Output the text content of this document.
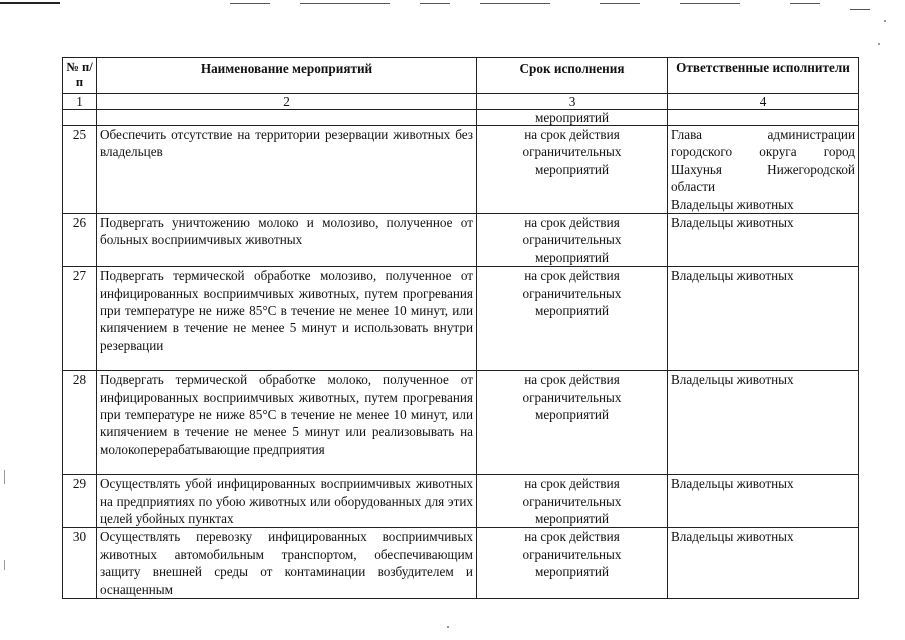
№ п/п	Наименование мероприятий	Срок исполнения	Ответственные исполнители
1	2	3	4
		мероприятий	
25	Обеспечить отсутствие на территории резервации животных без владельцев	на срок действия ограничительных мероприятий	Глава администрации
городского округа город
Шахунья Нижегородской
области
Владельцы животных

26	Подвергать уничтожению молоко и молозиво, полученное от больных восприимчивых животных	на срок действия ограничительных мероприятий	Владельцы животных

27	Подвергать термической обработке молозиво, полученное от инфицированных восприимчивых животных, путем прогревания при температуре не ниже 85°С в течение не менее 10 минут, или кипячением в течение не менее 5 минут и использовать внутри резервации	на срок действия ограничительных мероприятий	Владельцы животных

28	Подвергать термической обработке молоко, полученное от инфицированных восприимчивых животных, путем прогревания при температуре не ниже 85°С в течение не менее 10 минут, или кипячением в течение не менее 5 минут или реализовывать на молокоперерабатывающие предприятия	на срок действия ограничительных мероприятий	Владельцы животных

29	Осуществлять убой инфицированных восприимчивых животных на предприятиях по убою животных или оборудованных для этих целей убойных пунктах	на срок действия ограничительных мероприятий	Владельцы животных

30	Осуществлять перевозку инфицированных восприимчивых животных автомобильным транспортом, обеспечивающим защиту внешней среды от контаминации возбудителем и оснащенным	на срок действия ограничительных мероприятий	Владельцы животных
